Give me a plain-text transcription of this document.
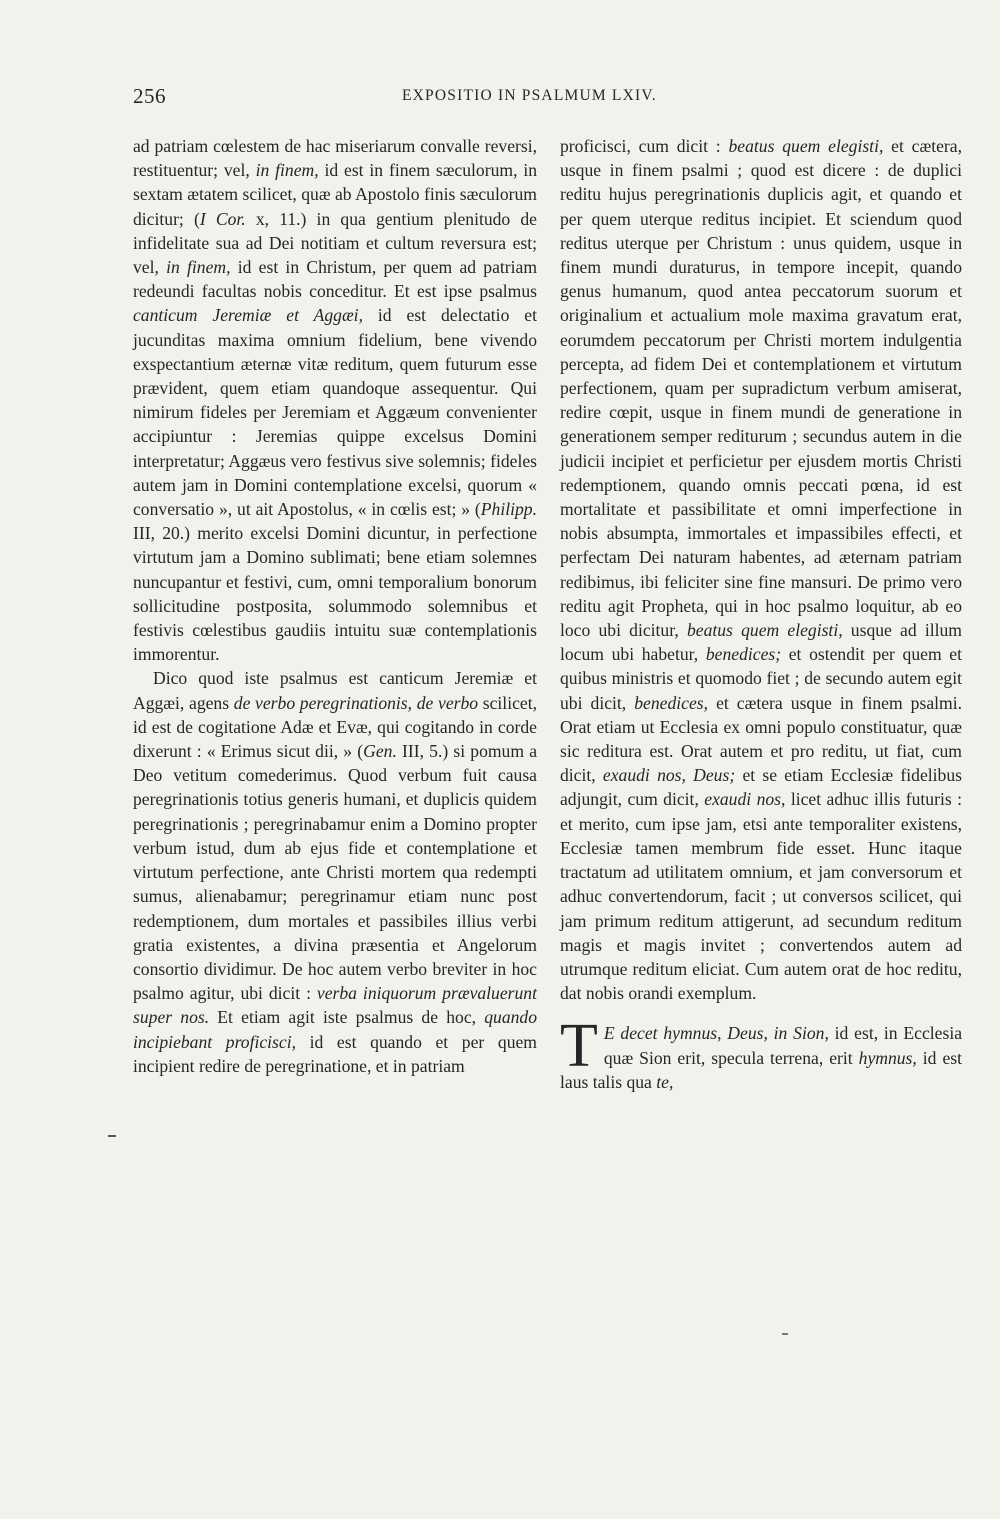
256	EXPOSITIO IN PSALMUM LXIV.

ad patriam cœlestem de hac miseriarum convalle reversi, restituentur; vel, in finem, id est in finem sæculorum, in sextam ætatem scilicet, quæ ab Apostolo finis sæculorum dicitur; (I Cor. x, 11.) in qua gentium plenitudo de infidelitate sua ad Dei notitiam et cultum reversura est; vel, in finem, id est in Christum, per quem ad patriam redeundi facultas nobis conceditur. Et est ipse psalmus canticum Jeremiæ et Aggæi, id est delectatio et jucunditas maxima omnium fidelium, bene vivendo exspectantium æternæ vitæ reditum, quem futurum esse prævident, quem etiam quandoque assequentur. Qui nimirum fideles per Jeremiam et Aggæum convenienter accipiuntur : Jeremias quippe excelsus Domini interpretatur; Aggæus vero festivus sive solemnis; fideles autem jam in Domini contemplatione excelsi, quorum « conversatio », ut ait Apostolus, « in cœlis est; » (Philipp. III, 20.) merito excelsi Domini dicuntur, in perfectione virtutum jam a Domino sublimati; bene etiam solemnes nuncupantur et festivi, cum, omni temporalium bonorum sollicitudine postposita, solummodo solemnibus et festivis cœlestibus gaudiis intuitu suæ contemplationis immorentur.

Dico quod iste psalmus est canticum Jeremiæ et Aggæi, agens de verbo peregrinationis, de verbo scilicet, id est de cogitatione Adæ et Evæ, qui cogitando in corde dixerunt : « Erimus sicut dii, » (Gen. III, 5.) si pomum a Deo vetitum comederimus. Quod verbum fuit causa peregrinationis totius generis humani, et duplicis quidem peregrinationis ; peregrinabamur enim a Domino propter verbum istud, dum ab ejus fide et contemplatione et virtutum perfectione, ante Christi mortem qua redempti sumus, alienabamur; peregrinamur etiam nunc post redemptionem, dum mortales et passibiles illius verbi gratia existentes, a divina præsentia et Angelorum consortio dividimur. De hoc autem verbo breviter in hoc psalmo agitur, ubi dicit : verba iniquorum prævaluerunt super nos. Et etiam agit iste psalmus de hoc, quando incipiebant proficisci, id est quando et per quem incipient redire de peregrinatione, et in patriam

proficisci, cum dicit : beatus quem elegisti, et cætera, usque in finem psalmi ; quod est dicere : de duplici reditu hujus peregrinationis duplicis agit, et quando et per quem uterque reditus incipiet. Et sciendum quod reditus uterque per Christum : unus quidem, usque in finem mundi duraturus, in tempore incepit, quando genus humanum, quod antea peccatorum suorum et originalium et actualium mole maxima gravatum erat, eorumdem peccatorum per Christi mortem indulgentia percepta, ad fidem Dei et contemplationem et virtutum perfectionem, quam per supradictum verbum amiserat, redire cœpit, usque in finem mundi de generatione in generationem semper rediturum ; secundus autem in die judicii incipiet et perficietur per ejusdem mortis Christi redemptionem, quando omnis peccati pœna, id est mortalitate et passibilitate et omni imperfectione in nobis absumpta, immortales et impassibiles effecti, et perfectam Dei naturam habentes, ad æternam patriam redibimus, ibi feliciter sine fine mansuri. De primo vero reditu agit Propheta, qui in hoc psalmo loquitur, ab eo loco ubi dicitur, beatus quem elegisti, usque ad illum locum ubi habetur, benedices; et ostendit per quem et quibus ministris et quomodo fiet ; de secundo autem egit ubi dicit, benedices, et cætera usque in finem psalmi. Orat etiam ut Ecclesia ex omni populo constituatur, quæ sic reditura est. Orat autem et pro reditu, ut fiat, cum dicit, exaudi nos, Deus; et se etiam Ecclesiæ fidelibus adjungit, cum dicit, exaudi nos, licet adhuc illis futuris : et merito, cum ipse jam, etsi ante temporaliter existens, Ecclesiæ tamen membrum fide esset. Hunc itaque tractatum ad utilitatem omnium, et jam conversorum et adhuc convertendorum, facit ; ut conversos scilicet, qui jam primum reditum attigerunt, ad secundum reditum magis et magis invitet ; convertendos autem ad utrumque reditum eliciat. Cum autem orat de hoc reditu, dat nobis orandi exemplum.

T E decet hymnus, Deus, in Sion, id est, in Ecclesia quæ Sion erit, specula terrena, erit hymnus, id est laus talis qua te,
